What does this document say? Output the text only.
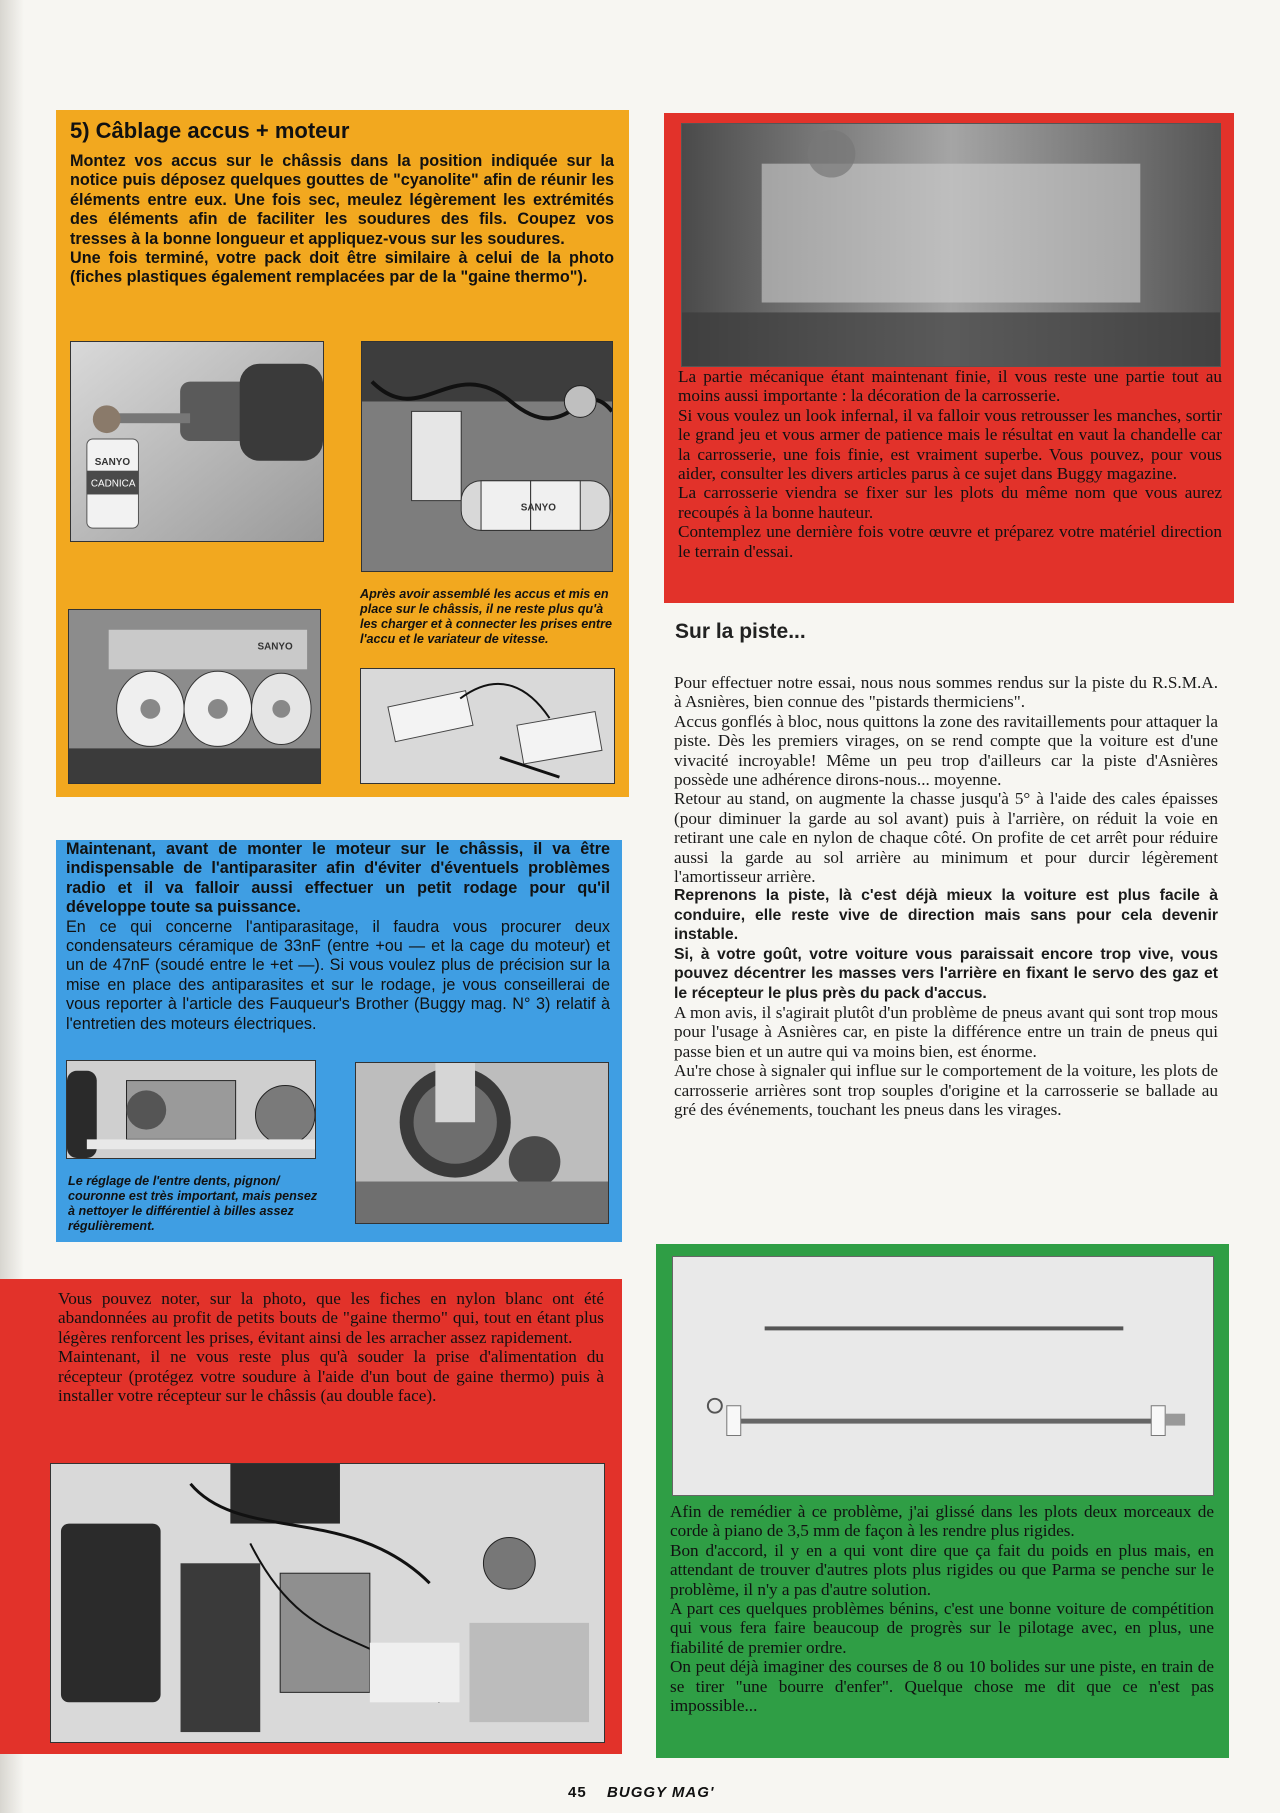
5) Câblage accus + moteur

Montez vos accus sur le châssis dans la position indiquée sur la notice puis déposez quelques gouttes de "cyanolite" afin de réunir les éléments entre eux. Une fois sec, meulez légèrement les extrémités des éléments afin de faciliter les soudures des fils. Coupez vos tresses à la bonne longueur et appliquez-vous sur les soudures.

Une fois terminé, votre pack doit être similaire à celui de la photo (fiches plastiques également remplacées par de la "gaine thermo").

CADNICA
SANYO
SANYO
Après avoir assemblé les accus et mis en place sur le châssis, il ne reste plus qu'à les charger et à connecter les prises entre l'accu et le variateur de vitesse.
SANYO

Maintenant, avant de monter le moteur sur le châssis, il va être indispensable de l'antiparasiter afin d'éviter d'éventuels problèmes radio et il va falloir aussi effectuer un petit rodage pour qu'il développe toute sa puissance.

En ce qui concerne l'antiparasitage, il faudra vous procurer deux condensateurs céramique de 33nF (entre +ou — et la cage du moteur) et un de 47nF (soudé entre le +et —). Si vous voulez plus de précision sur la mise en place des antiparasites et sur le rodage, je vous conseillerai de vous reporter à l'article des Fauqueur's Brother (Buggy mag. N° 3) relatif à l'entretien des moteurs électriques.

Le réglage de l'entre dents, pignon/ couronne est très important, mais pensez à nettoyer le différentiel à billes assez régulièrement.

Vous pouvez noter, sur la photo, que les fiches en nylon blanc ont été abandonnées au profit de petits bouts de "gaine thermo" qui, tout en étant plus légères renforcent les prises, évitant ainsi de les arracher assez rapidement.

Maintenant, il ne vous reste plus qu'à souder la prise d'alimentation du récepteur (protégez votre soudure à l'aide d'un bout de gaine thermo) puis à installer votre récepteur sur le châssis (au double face).

La partie mécanique étant maintenant finie, il vous reste une partie tout au moins aussi importante : la décoration de la carrosserie.

Si vous voulez un look infernal, il va falloir vous retrousser les manches, sortir le grand jeu et vous armer de patience mais le résultat en vaut la chandelle car la carrosserie, une fois finie, est vraiment superbe. Vous pouvez, pour vous aider, consulter les divers articles parus à ce sujet dans Buggy magazine.

La carrosserie viendra se fixer sur les plots du même nom que vous aurez recoupés à la bonne hauteur.

Contemplez une dernière fois votre œuvre et préparez votre matériel direction le terrain d'essai.

Sur la piste...

Pour effectuer notre essai, nous nous sommes rendus sur la piste du R.S.M.A. à Asnières, bien connue des "pistards thermiciens".

Accus gonflés à bloc, nous quittons la zone des ravitaillements pour attaquer la piste. Dès les premiers virages, on se rend compte que la voiture est d'une vivacité incroyable! Même un peu trop d'ailleurs car la piste d'Asnières possède une adhérence dirons-nous... moyenne.

Retour au stand, on augmente la chasse jusqu'à 5° à l'aide des cales épaisses (pour diminuer la garde au sol avant) puis à l'arrière, on réduit la voie en retirant une cale en nylon de chaque côté. On profite de cet arrêt pour réduire aussi la garde au sol arrière au minimum et pour durcir légèrement l'amortisseur arrière.

Reprenons la piste, là c'est déjà mieux la voiture est plus facile à conduire, elle reste vive de direction mais sans pour cela devenir instable.

Si, à votre goût, votre voiture vous paraissait encore trop vive, vous pouvez décentrer les masses vers l'arrière en fixant le servo des gaz et le récepteur le plus près du pack d'accus.

A mon avis, il s'agirait plutôt d'un problème de pneus avant qui sont trop mous pour l'usage à Asnières car, en piste la différence entre un train de pneus qui passe bien et un autre qui va moins bien, est énorme.

Au're chose à signaler qui influe sur le comportement de la voiture, les plots de carrosserie arrières sont trop souples d'origine et la carrosserie se ballade au gré des événements, touchant les pneus dans les virages.

Afin de remédier à ce problème, j'ai glissé dans les plots deux morceaux de corde à piano de 3,5 mm de façon à les rendre plus rigides.

Bon d'accord, il y en a qui vont dire que ça fait du poids en plus mais, en attendant de trouver d'autres plots plus rigides ou que Parma se penche sur le problème, il n'y a pas d'autre solution.

A part ces quelques problèmes bénins, c'est une bonne voiture de compétition qui vous fera faire beaucoup de progrès sur le pilotage avec, en plus, une fiabilité de premier ordre.

On peut déjà imaginer des courses de 8 ou 10 bolides sur une piste, en train de se tirer "une bourre d'enfer". Quelque chose me dit que ce n'est pas impossible...

45 BUGGY MAG'
